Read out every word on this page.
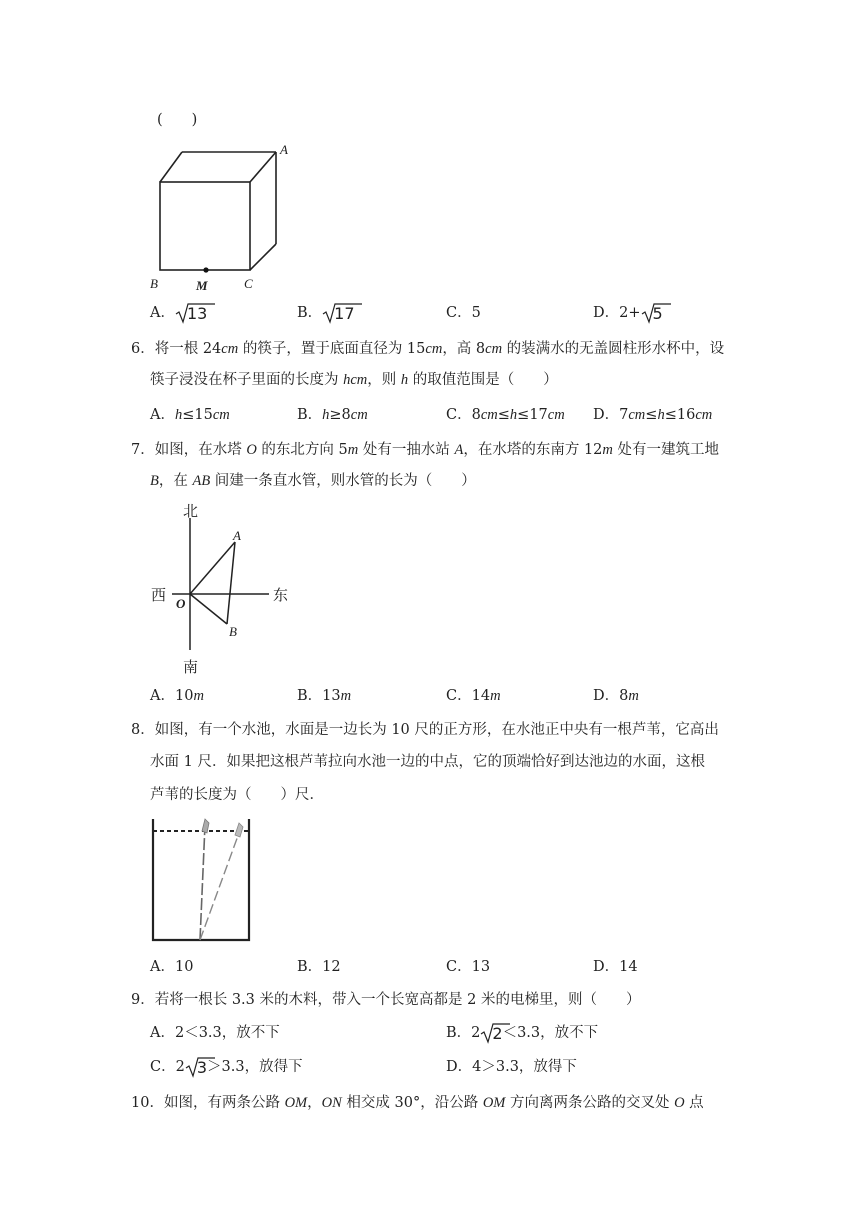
(　　)
A
B	C
M
A． 13	B． 17	C．5	D．2+ 5
6．将一根 24cm 的筷子，置于底面直径为 15cm，高 8cm 的装满水的无盖圆柱形水杯中，设
筷子浸没在杯子里面的长度为 hcm，则 h 的取值范围是（　　）
A．h≤15cm	B．h≥8cm	C．8cm≤h≤17cm D．7cm≤h≤16cm
7．如图，在水塔 O 的东北方向 5m 处有一抽水站 A，在水塔的东南方 12m 处有一建筑工地
B，在 AB 间建一条直水管，则水管的长为（　　）
北
南
西	东
O
A
B
A．10m	B．13m	C．14m	D．8m
8．如图，有一个水池，水面是一边长为 10 尺的正方形，在水池正中央有一根芦苇，它高出
水面 1 尺．如果把这根芦苇拉向水池一边的中点，它的顶端恰好到达池边的水面，这根
芦苇的长度为（　　）尺．
A．10	B．12	C．13	D．14
9．若将一根长 3.3 米的木料，带入一个长宽高都是 2 米的电梯里，则（　　）
A．2＜3.3，放不下	B．2 2＜3.3，放不下
C．2 3＞3.3，放得下	D．4＞3.3，放得下
10．如图，有两条公路 OM，ON 相交成 30°，沿公路 OM 方向离两条公路的交叉处 O 点
